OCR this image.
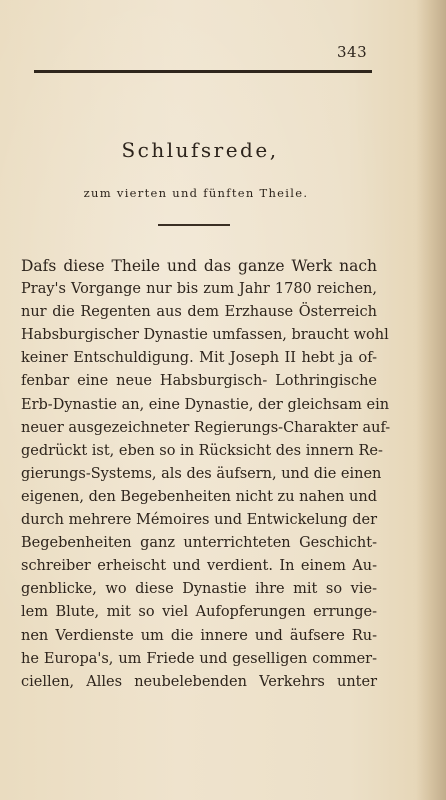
343
Schlufsrede,
zum vierten und fünften Theile.
Dafs diese Theile und das ganze Werk nach
Pray's Vorgange nur bis zum Jahr 1780 reichen,
nur die Regenten aus dem Erzhause Österreich
Habsburgischer Dynastie umfassen, braucht wohl
keiner Entschuldigung. Mit Joseph II hebt ja of-
fenbar eine neue Habsburgisch- Lothringische
Erb-Dynastie an, eine Dynastie, der gleichsam ein
neuer ausgezeichneter Regierungs-Charakter auf-
gedrückt ist, eben so in Rücksicht des innern Re-
gierungs-Systems, als des äufsern, und die einen
eigenen, den Begebenheiten nicht zu nahen und
durch mehrere Mémoires und Entwickelung der
Begebenheiten ganz unterrichteten Geschicht-
schreiber erheischt und verdient. In einem Au-
genblicke, wo diese Dynastie ihre mit so vie-
lem Blute, mit so viel Aufopferungen errunge-
nen Verdienste um die innere und äufsere Ru-
he Europa's, um Friede und geselligen commer-
ciellen, Alles neubelebenden Verkehrs unter
